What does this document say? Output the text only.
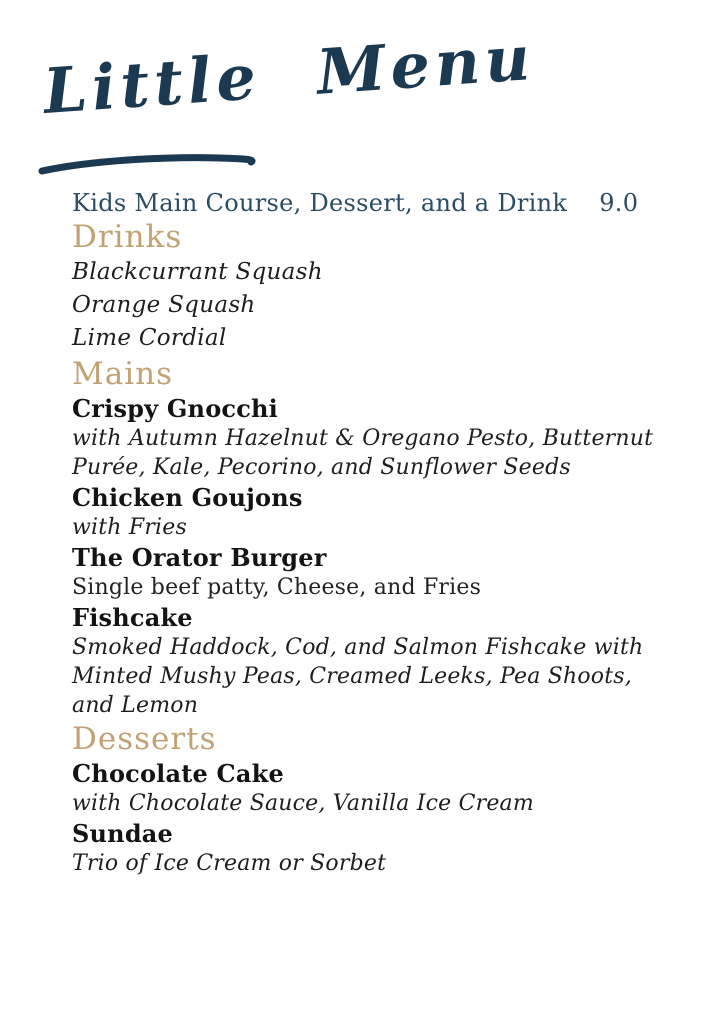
Little Menu
Kids Main Course, Dessert, and a Drink 9.0
Drinks
Blackcurrant Squash
Orange Squash
Lime Cordial
Mains
Crispy Gnocchi
with Autumn Hazelnut & Oregano Pesto, Butternut Purée, Kale, Pecorino, and Sunflower Seeds
Chicken Goujons
with Fries
The Orator Burger
Single beef patty, Cheese, and Fries
Fishcake
Smoked Haddock, Cod, and Salmon Fishcake with Minted Mushy Peas, Creamed Leeks, Pea Shoots, and Lemon
Desserts
Chocolate Cake
with Chocolate Sauce, Vanilla Ice Cream
Sundae
Trio of Ice Cream or Sorbet
